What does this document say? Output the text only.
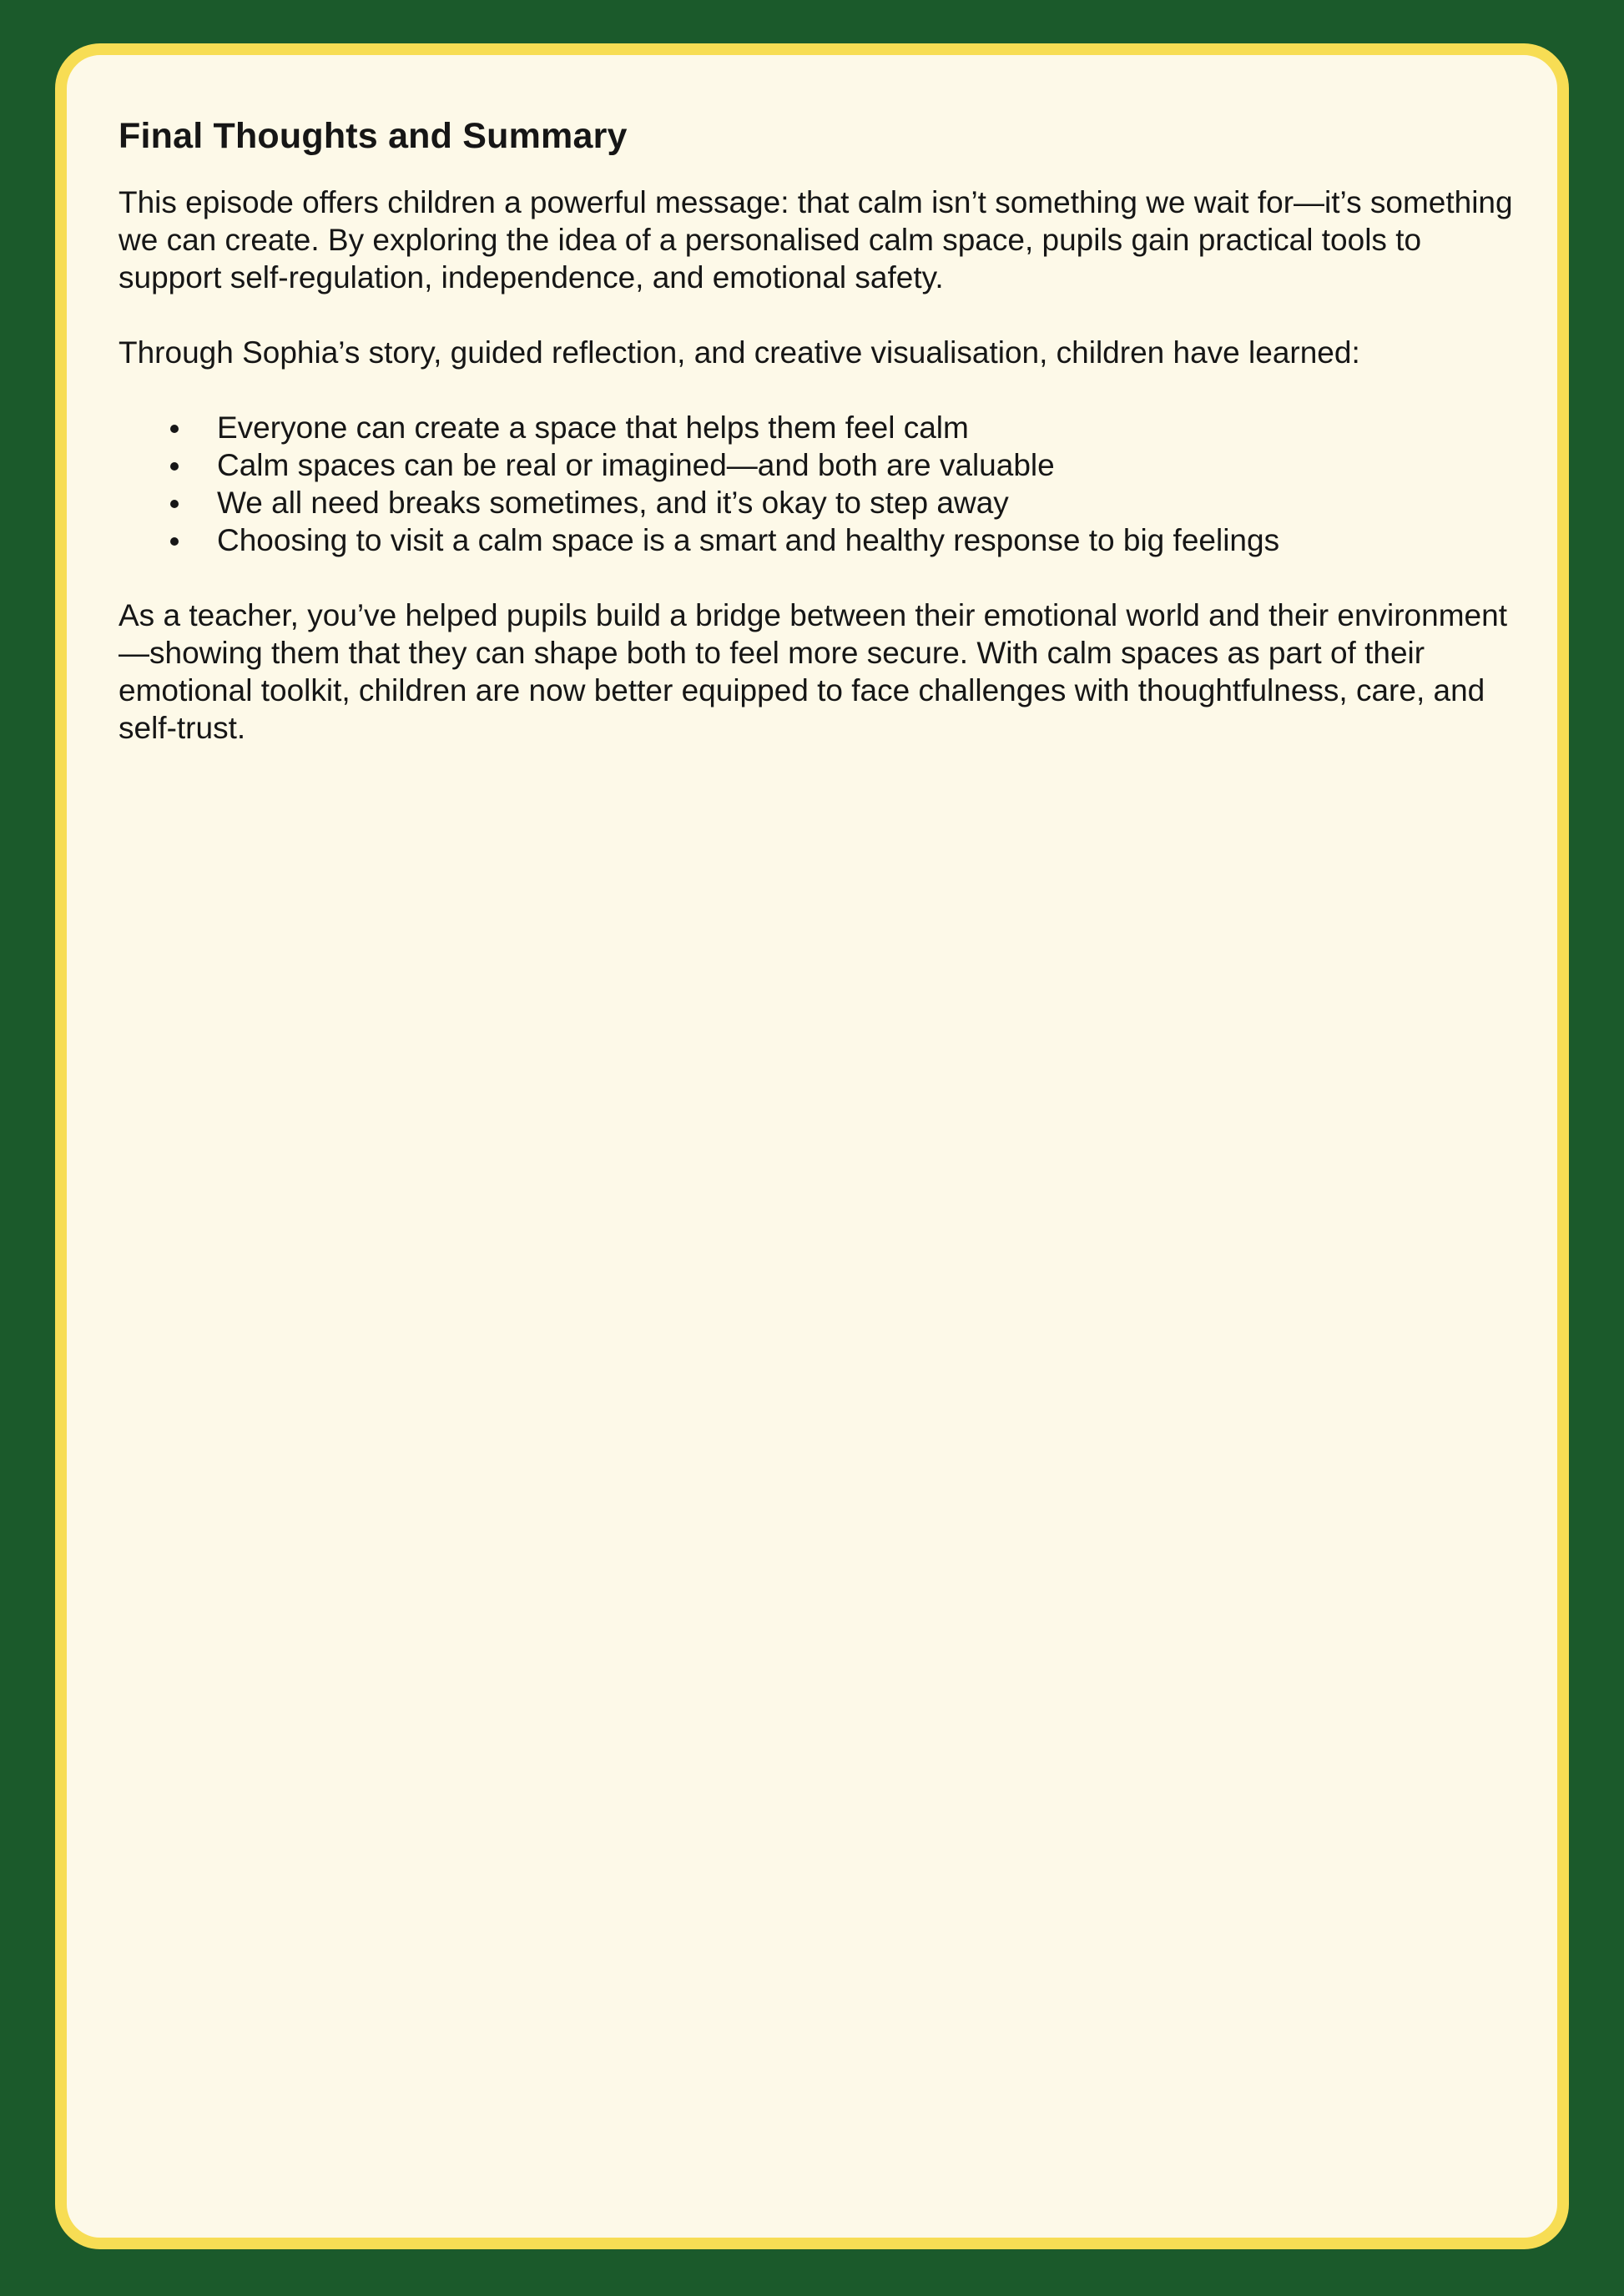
Final Thoughts and Summary

This episode offers children a powerful message: that calm isn’t something we wait for—it’s something we can create. By exploring the idea of a personalised calm space, pupils gain practical tools to support self-regulation, independence, and emotional safety.

Through Sophia’s story, guided reflection, and creative visualisation, children have learned:

Everyone can create a space that helps them feel calm
Calm spaces can be real or imagined—and both are valuable
We all need breaks sometimes, and it’s okay to step away
Choosing to visit a calm space is a smart and healthy response to big feelings

As a teacher, you’ve helped pupils build a bridge between their emotional world and their environment—showing them that they can shape both to feel more secure. With calm spaces as part of their emotional toolkit, children are now better equipped to face challenges with thoughtfulness, care, and self-trust.
